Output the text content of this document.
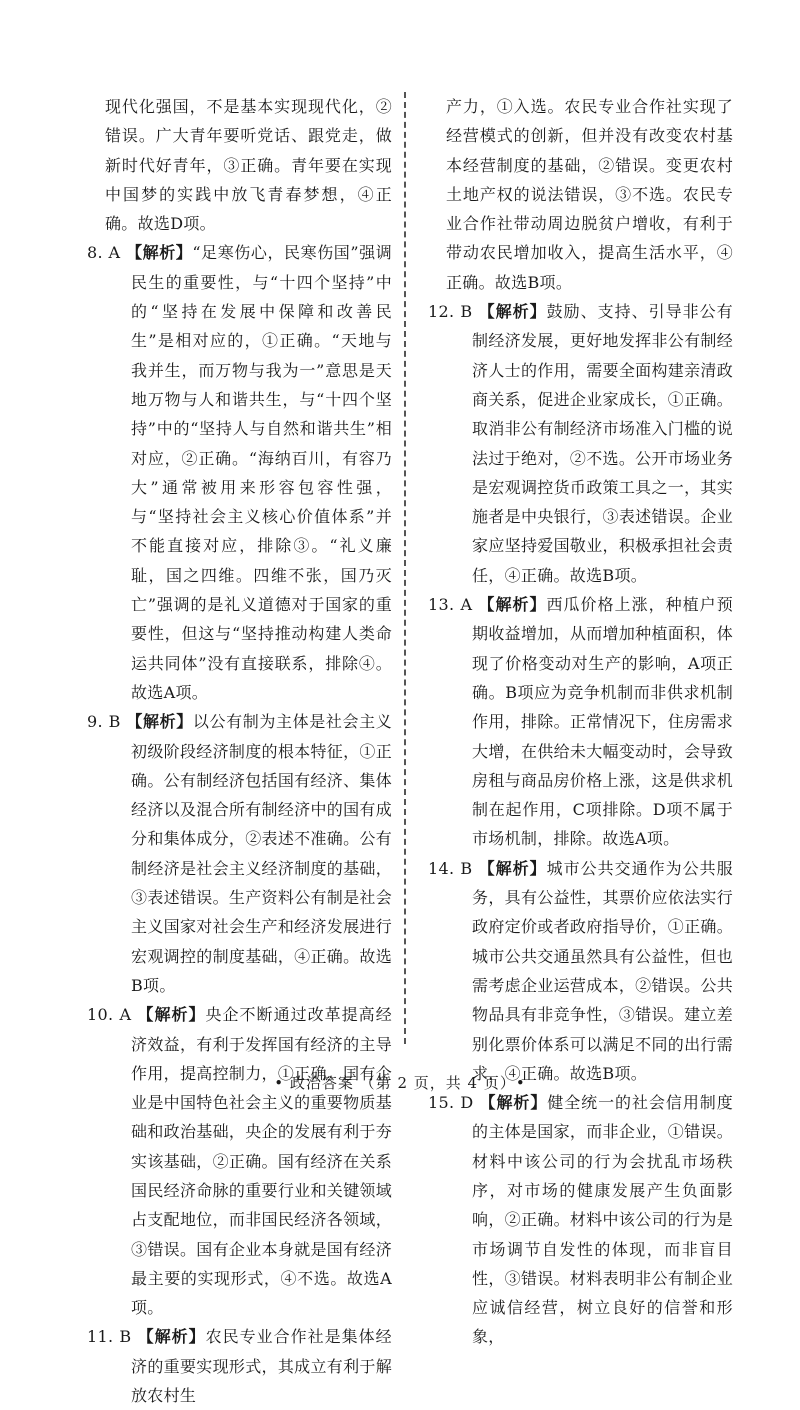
现代化强国，不是基本实现现代化，②错误。广大青年要听党话、跟党走，做新时代好青年，③正确。青年要在实现中国梦的实践中放飞青春梦想，④正确。故选D项。

8. A 【解析】“足寒伤心，民寒伤国”强调民生的重要性，与“十四个坚持”中的“坚持在发展中保障和改善民生”是相对应的，①正确。“天地与我并生，而万物与我为一”意思是天地万物与人和谐共生，与“十四个坚持”中的“坚持人与自然和谐共生”相对应，②正确。“海纳百川，有容乃大”通常被用来形容包容性强，与“坚持社会主义核心价值体系”并不能直接对应，排除③。“礼义廉耻，国之四维。四维不张，国乃灭亡”强调的是礼义道德对于国家的重要性，但这与“坚持推动构建人类命运共同体”没有直接联系，排除④。故选A项。
9. B 【解析】以公有制为主体是社会主义初级阶段经济制度的根本特征，①正确。公有制经济包括国有经济、集体经济以及混合所有制经济中的国有成分和集体成分，②表述不准确。公有制经济是社会主义经济制度的基础，③表述错误。生产资料公有制是社会主义国家对社会生产和经济发展进行宏观调控的制度基础，④正确。故选B项。
10. A 【解析】央企不断通过改革提高经济效益，有利于发挥国有经济的主导作用，提高控制力，①正确。国有企业是中国特色社会主义的重要物质基础和政治基础，央企的发展有利于夯实该基础，②正确。国有经济在关系国民经济命脉的重要行业和关键领域占支配地位，而非国民经济各领域，③错误。国有企业本身就是国有经济最主要的实现形式，④不选。故选A项。
11. B 【解析】农民专业合作社是集体经济的重要实现形式，其成立有利于解放农村生

产力，①入选。农民专业合作社实现了经营模式的创新，但并没有改变农村基本经营制度的基础，②错误。变更农村土地产权的说法错误，③不选。农民专业合作社带动周边脱贫户增收，有利于带动农民增加收入，提高生活水平，④正确。故选B项。

12. B 【解析】鼓励、支持、引导非公有制经济发展，更好地发挥非公有制经济人士的作用，需要全面构建亲清政商关系，促进企业家成长，①正确。取消非公有制经济市场准入门槛的说法过于绝对，②不选。公开市场业务是宏观调控货币政策工具之一，其实施者是中央银行，③表述错误。企业家应坚持爱国敬业，积极承担社会责任，④正确。故选B项。
13. A 【解析】西瓜价格上涨，种植户预期收益增加，从而增加种植面积，体现了价格变动对生产的影响，A项正确。B项应为竞争机制而非供求机制作用，排除。正常情况下，住房需求大增，在供给未大幅变动时，会导致房租与商品房价格上涨，这是供求机制在起作用，C项排除。D项不属于市场机制，排除。故选A项。
14. B 【解析】城市公共交通作为公共服务，具有公益性，其票价应依法实行政府定价或者政府指导价，①正确。城市公共交通虽然具有公益性，但也需考虑企业运营成本，②错误。公共物品具有非竞争性，③错误。建立差别化票价体系可以满足不同的出行需求，④正确。故选B项。
15. D 【解析】健全统一的社会信用制度的主体是国家，而非企业，①错误。材料中该公司的行为会扰乱市场秩序，对市场的健康发展产生负面影响，②正确。材料中该公司的行为是市场调节自发性的体现，而非盲目性，③错误。材料表明非公有制企业应诚信经营，树立良好的信誉和形象，
• 政治答案 （第 2 页，共 4 页）•
